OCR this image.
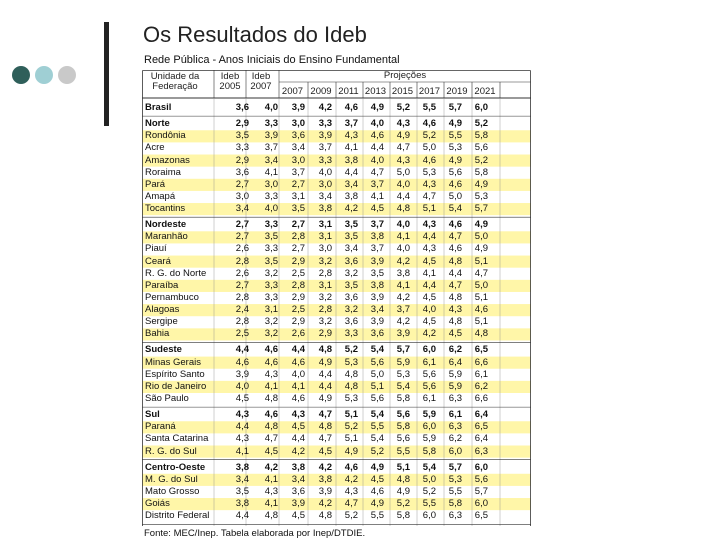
Os Resultados do Ideb
Rede Pública - Anos Iniciais do Ensino Fundamental
Unidade da Federação
Ideb 2005
Ideb 2007
Projeções
2007 2009 2011 2013 2015 2017 2019 2021
Brasil	3,6	4,0	3,9	4,2	4,6	4,9	5,2	5,5	5,7	6,0
Norte	2,9	3,3	3,0	3,3	3,7	4,0	4,3	4,6	4,9	5,2
Rondônia	3,5	3,9	3,6	3,9	4,3	4,6	4,9	5,2	5,5	5,8
Acre	3,3	3,7	3,4	3,7	4,1	4,4	4,7	5,0	5,3	5,6
Amazonas	2,9	3,4	3,0	3,3	3,8	4,0	4,3	4,6	4,9	5,2
Roraima	3,6	4,1	3,7	4,0	4,4	4,7	5,0	5,3	5,6	5,8
Pará	2,7	3,0	2,7	3,0	3,4	3,7	4,0	4,3	4,6	4,9
Amapá	3,0	3,3	3,1	3,4	3,8	4,1	4,4	4,7	5,0	5,3
Tocantins	3,4	4,0	3,5	3,8	4,2	4,5	4,8	5,1	5,4	5,7
Nordeste	2,7	3,3	2,7	3,1	3,5	3,7	4,0	4,3	4,6	4,9
Maranhão	2,7	3,5	2,8	3,1	3,5	3,8	4,1	4,4	4,7	5,0
Piauí	2,6	3,3	2,7	3,0	3,4	3,7	4,0	4,3	4,6	4,9
Ceará	2,8	3,5	2,9	3,2	3,6	3,9	4,2	4,5	4,8	5,1
R. G. do Norte	2,6	3,2	2,5	2,8	3,2	3,5	3,8	4,1	4,4	4,7
Paraíba	2,7	3,3	2,8	3,1	3,5	3,8	4,1	4,4	4,7	5,0
Pernambuco	2,8	3,3	2,9	3,2	3,6	3,9	4,2	4,5	4,8	5,1
Alagoas	2,4	3,1	2,5	2,8	3,2	3,4	3,7	4,0	4,3	4,6
Sergipe	2,8	3,2	2,9	3,2	3,6	3,9	4,2	4,5	4,8	5,1
Bahia	2,5	3,2	2,6	2,9	3,3	3,6	3,9	4,2	4,5	4,8
Sudeste	4,4	4,6	4,4	4,8	5,2	5,4	5,7	6,0	6,2	6,5
Minas Gerais	4,6	4,6	4,6	4,9	5,3	5,6	5,9	6,1	6,4	6,6
Espírito Santo	3,9	4,3	4,0	4,4	4,8	5,0	5,3	5,6	5,9	6,1
Rio de Janeiro	4,0	4,1	4,1	4,4	4,8	5,1	5,4	5,6	5,9	6,2
São Paulo	4,5	4,8	4,6	4,9	5,3	5,6	5,8	6,1	6,3	6,6
Sul	4,3	4,6	4,3	4,7	5,1	5,4	5,6	5,9	6,1	6,4
Paraná	4,4	4,8	4,5	4,8	5,2	5,5	5,8	6,0	6,3	6,5
Santa Catarina	4,3	4,7	4,4	4,7	5,1	5,4	5,6	5,9	6,2	6,4
R. G. do Sul	4,1	4,5	4,2	4,5	4,9	5,2	5,5	5,8	6,0	6,3
Centro-Oeste	3,8	4,2	3,8	4,2	4,6	4,9	5,1	5,4	5,7	6,0
M. G. do Sul	3,4	4,1	3,4	3,8	4,2	4,5	4,8	5,0	5,3	5,6
Mato Grosso	3,5	4,3	3,6	3,9	4,3	4,6	4,9	5,2	5,5	5,7
Goiás	3,8	4,1	3,9	4,2	4,7	4,9	5,2	5,5	5,8	6,0
Distrito Federal	4,4	4,8	4,5	4,8	5,2	5,5	5,8	6,0	6,3	6,5
Fonte: MEC/Inep. Tabela elaborada por Inep/DTDIE.
